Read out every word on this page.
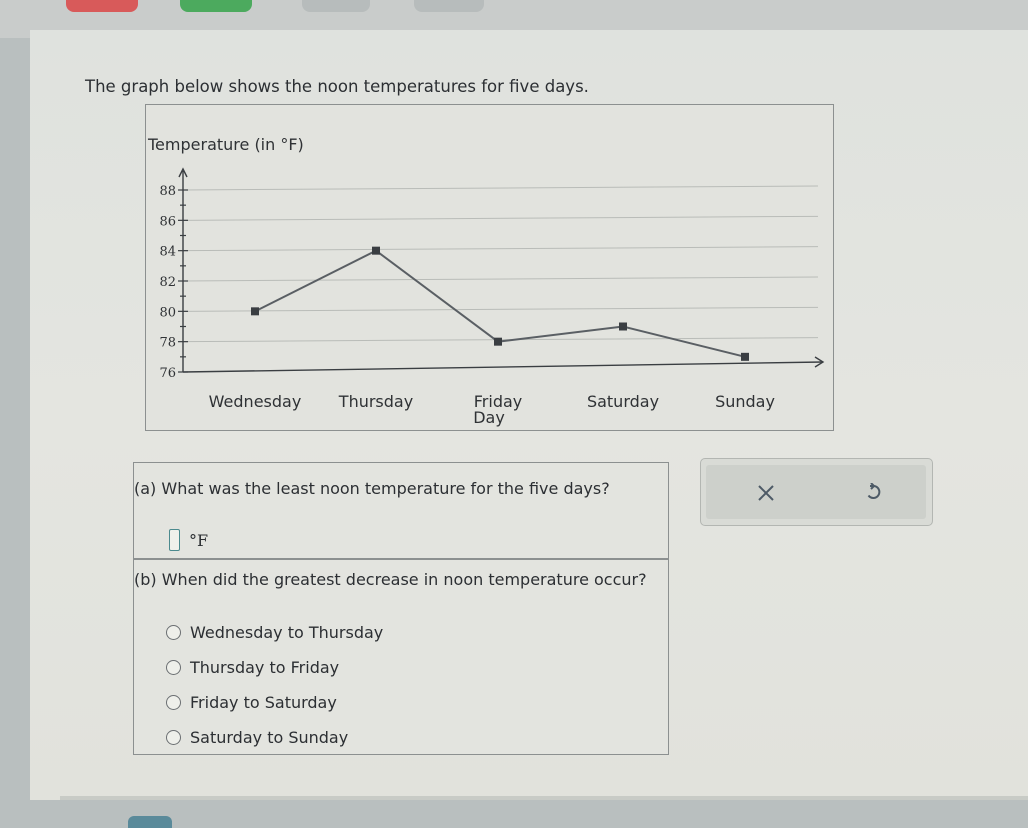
The graph below shows the noon temperatures for five days.
Temperature (in °F)
76
78
80
82
84
86
88
Wednesday Thursday	Friday	Saturday	Sunday
Day
(a) What was the least noon temperature for the five days?
°F
(b) When did the greatest decrease in noon temperature occur?
Wednesday to Thursday
Thursday to Friday
Friday to Saturday
Saturday to Sunday
